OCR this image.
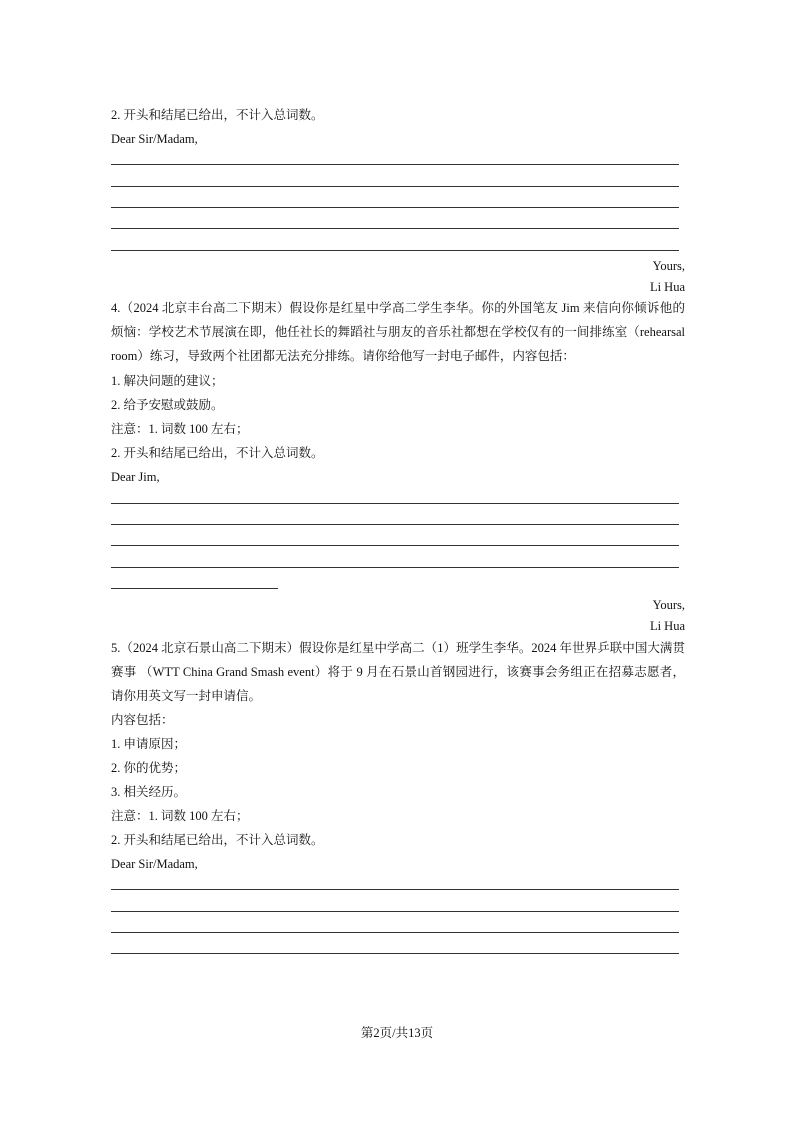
2. 开头和结尾已给出，不计入总词数。
Dear Sir/Madam,
Yours,
Li Hua
4.（2024 北京丰台高二下期末）假设你是红星中学高二学生李华。你的外国笔友 Jim 来信向你倾诉他的烦恼：学校艺术节展演在即，他任社长的舞蹈社与朋友的音乐社都想在学校仅有的一间排练室（rehearsal room）练习，导致两个社团都无法充分排练。请你给他写一封电子邮件，内容包括：
1. 解决问题的建议；
2. 给予安慰或鼓励。
注意：1. 词数 100 左右；
2. 开头和结尾已给出，不计入总词数。
Dear Jim,
Yours,
Li Hua
5.（2024 北京石景山高二下期末）假设你是红星中学高二（1）班学生李华。2024 年世界乒联中国大满贯赛事 （WTT China Grand Smash event）将于 9 月在石景山首钢园进行，该赛事会务组正在招募志愿者，请你用英文写一封申请信。
内容包括：
1. 申请原因；
2. 你的优势；
3. 相关经历。
注意：1. 词数 100 左右；
2. 开头和结尾已给出，不计入总词数。
Dear Sir/Madam,
第2页/共13页
